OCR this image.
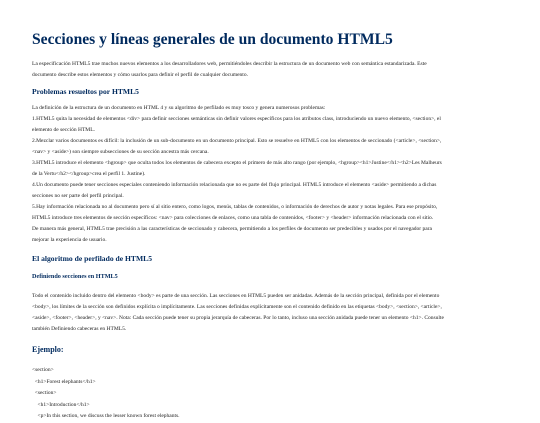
Secciones y líneas generales de un documento HTML5

La especificación HTML5 trae muchos nuevos elementos a los desarrolladores web, permitiéndoles describir la estructura de un documento web con semántica estandarizada. Este

documento describe estos elementos y cómo usarlos para definir el perfil de cualquier documento.

Problemas resueltos por HTML5

La definición de la estructura de un documento en HTML 4 y su algoritmo de perfilado es muy tosco y genera numerosos problemas:

1.HTML5 quita la necesidad de elementos <div> para definir secciones semánticas sin definir valores específicos para los atributos class, introduciendo un nuevo elemento, <section>, el

elemento de sección HTML.

2.Mezclar varios documentos es difícil: la inclusión de un sub-documento en un documento principal. Esto se resuelve en HTML5 con los elementos de seccionado (<article>, <section>,

<nav> y <aside>) son siempre subsecciones de su sección ancestra más cercana.

3.HTML5 introduce el elemento <hgroup> que oculta todos los elementos de cabecera excepto el primero de más alto rango (por ejemplo, <hgroup><h1>Justine</h1><h2>Les Malheurs

de la Vertu</h2></hgroup>crea el perfil 1. Justine).

4.Un documento puede tener secciones especiales conteniendo información relacionada que no es parte del flujo principal. HTML5 introduce el elemento <aside> permitiendo a dichas

secciones no ser parte del perfil principal.

5.Hay información relacionada no al documento pero sí al sitio entero, como logos, menús, tablas de contenidos, o información de derechos de autor y notas legales. Para ese propósito,

HTML5 introduce tres elementos de sección específicos: <nav> para colecciones de enlaces, como una tabla de contenidos, <footer> y <header> información relacionada con el sitio.

De manera más general, HTML5 trae precisión a las características de seccionado y cabecera, permitiendo a los perfiles de documento ser predecibles y usados por el navegador para

mejorar la experiencia de usuario.

El algoritmo de perfilado de HTML5
Definiendo secciones en HTML5

Todo el contenido incluido dentro del elemento <body> es parte de una sección. Las secciones en HTML5 pueden ser anidadas. Además de la sección principal, definida por el elemento

<body>, los límites de la sección son definidos explícita o implícitamente. Las secciones definidas explícitamente son el contenido definido en las etiquetas <body>, <section>, <article>,

<aside>, <footer>, <header>, y <nav>. Nota: Cada sección puede tener su propia jerarquía de cabeceras. Por lo tanto, incluso una sección anidada puede tener un elemento <h1>. Consulte

también Definiendo cabeceras en HTML5.

Ejemplo:
<section>
<h1>Forest elephants</h1>
<section>
<h1>Introduction</h1>
<p>In this section, we discuss the lesser known forest elephants.
